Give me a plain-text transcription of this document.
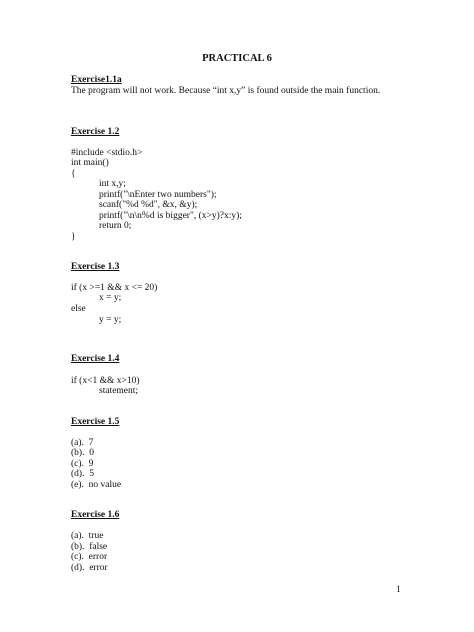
PRACTICAL 6
Exercise1.1a
The program will not work. Because “int x,y” is found outside the main function.
Exercise 1.2
#include <stdio.h>
int main()
{
int x,y;
printf("\nEnter two numbers");
scanf("%d %d", &x, &y);
printf("\n\n%d is bigger", (x>y)?x:y);
return 0;
}
Exercise 1.3
if (x >=1 && x <= 20)
x = y;
else
y = y;
Exercise 1.4
if (x<1 && x>10)
statement;
Exercise 1.5
(a).  7
(b).  0
(c).  9
(d).  5
(e).  no value
Exercise 1.6
(a).  true
(b).  false
(c).  error
(d).  error
1
